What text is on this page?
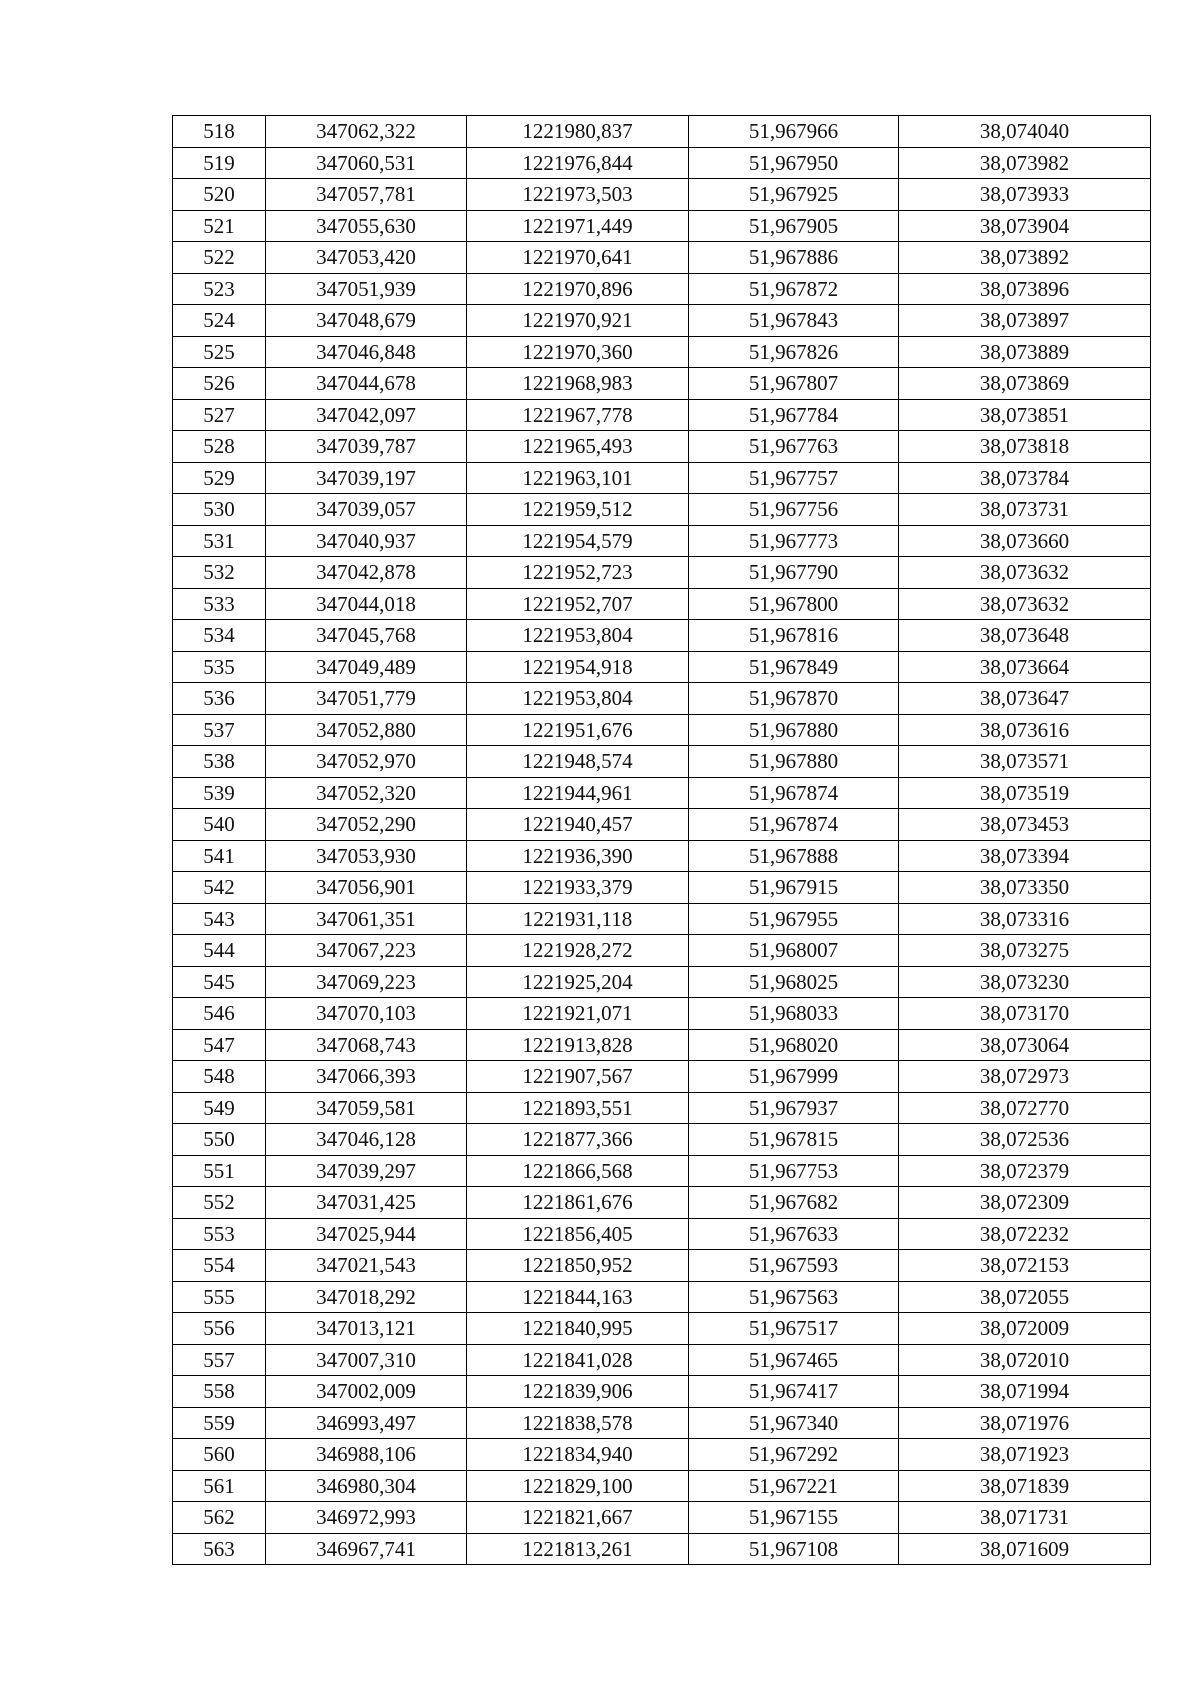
518	347062,322	1221980,837	51,967966	38,074040
519	347060,531	1221976,844	51,967950	38,073982
520	347057,781	1221973,503	51,967925	38,073933
521	347055,630	1221971,449	51,967905	38,073904
522	347053,420	1221970,641	51,967886	38,073892
523	347051,939	1221970,896	51,967872	38,073896
524	347048,679	1221970,921	51,967843	38,073897
525	347046,848	1221970,360	51,967826	38,073889
526	347044,678	1221968,983	51,967807	38,073869
527	347042,097	1221967,778	51,967784	38,073851
528	347039,787	1221965,493	51,967763	38,073818
529	347039,197	1221963,101	51,967757	38,073784
530	347039,057	1221959,512	51,967756	38,073731
531	347040,937	1221954,579	51,967773	38,073660
532	347042,878	1221952,723	51,967790	38,073632
533	347044,018	1221952,707	51,967800	38,073632
534	347045,768	1221953,804	51,967816	38,073648
535	347049,489	1221954,918	51,967849	38,073664
536	347051,779	1221953,804	51,967870	38,073647
537	347052,880	1221951,676	51,967880	38,073616
538	347052,970	1221948,574	51,967880	38,073571
539	347052,320	1221944,961	51,967874	38,073519
540	347052,290	1221940,457	51,967874	38,073453
541	347053,930	1221936,390	51,967888	38,073394
542	347056,901	1221933,379	51,967915	38,073350
543	347061,351	1221931,118	51,967955	38,073316
544	347067,223	1221928,272	51,968007	38,073275
545	347069,223	1221925,204	51,968025	38,073230
546	347070,103	1221921,071	51,968033	38,073170
547	347068,743	1221913,828	51,968020	38,073064
548	347066,393	1221907,567	51,967999	38,072973
549	347059,581	1221893,551	51,967937	38,072770
550	347046,128	1221877,366	51,967815	38,072536
551	347039,297	1221866,568	51,967753	38,072379
552	347031,425	1221861,676	51,967682	38,072309
553	347025,944	1221856,405	51,967633	38,072232
554	347021,543	1221850,952	51,967593	38,072153
555	347018,292	1221844,163	51,967563	38,072055
556	347013,121	1221840,995	51,967517	38,072009
557	347007,310	1221841,028	51,967465	38,072010
558	347002,009	1221839,906	51,967417	38,071994
559	346993,497	1221838,578	51,967340	38,071976
560	346988,106	1221834,940	51,967292	38,071923
561	346980,304	1221829,100	51,967221	38,071839
562	346972,993	1221821,667	51,967155	38,071731
563	346967,741	1221813,261	51,967108	38,071609
